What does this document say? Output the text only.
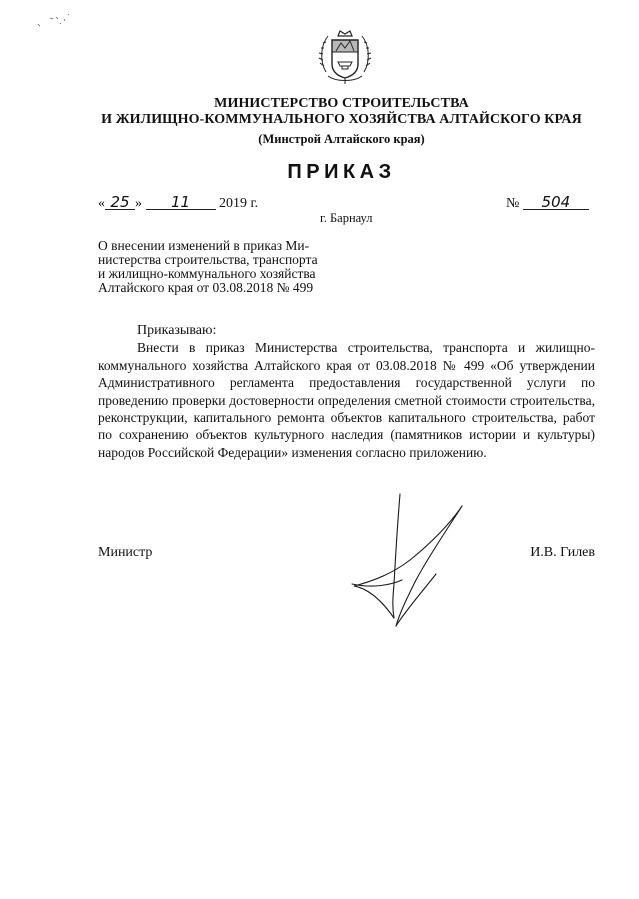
МИНИСТЕРСТВО СТРОИТЕЛЬСТВА
И ЖИЛИЩНО-КОММУНАЛЬНОГО ХОЗЯЙСТВА АЛТАЙСКОГО КРАЯ
(Минстрой Алтайского края)
ПРИКАЗ
« 25 » 11 2019 г.	№ 504
г. Барнаул
О внесении изменений в приказ Ми-
нистерства строительства, транспорта
и жилищно-коммунального хозяйства
Алтайского края от 03.08.2018 № 499
Приказываю:

Внести в приказ Министерства строительства, транспорта и жилищно-коммунального хозяйства Алтайского края от 03.08.2018 № 499 «Об утверждении Административного регламента предоставления государственной услуги по проведению проверки достоверности определения сметной стоимости строительства, реконструкции, капитального ремонта объектов капитального строительства, работ по сохранению объектов культурного наследия (памятников истории и культуры) народов Российской Федерации» изменения согласно приложению.

Министр	И.В. Гилев
